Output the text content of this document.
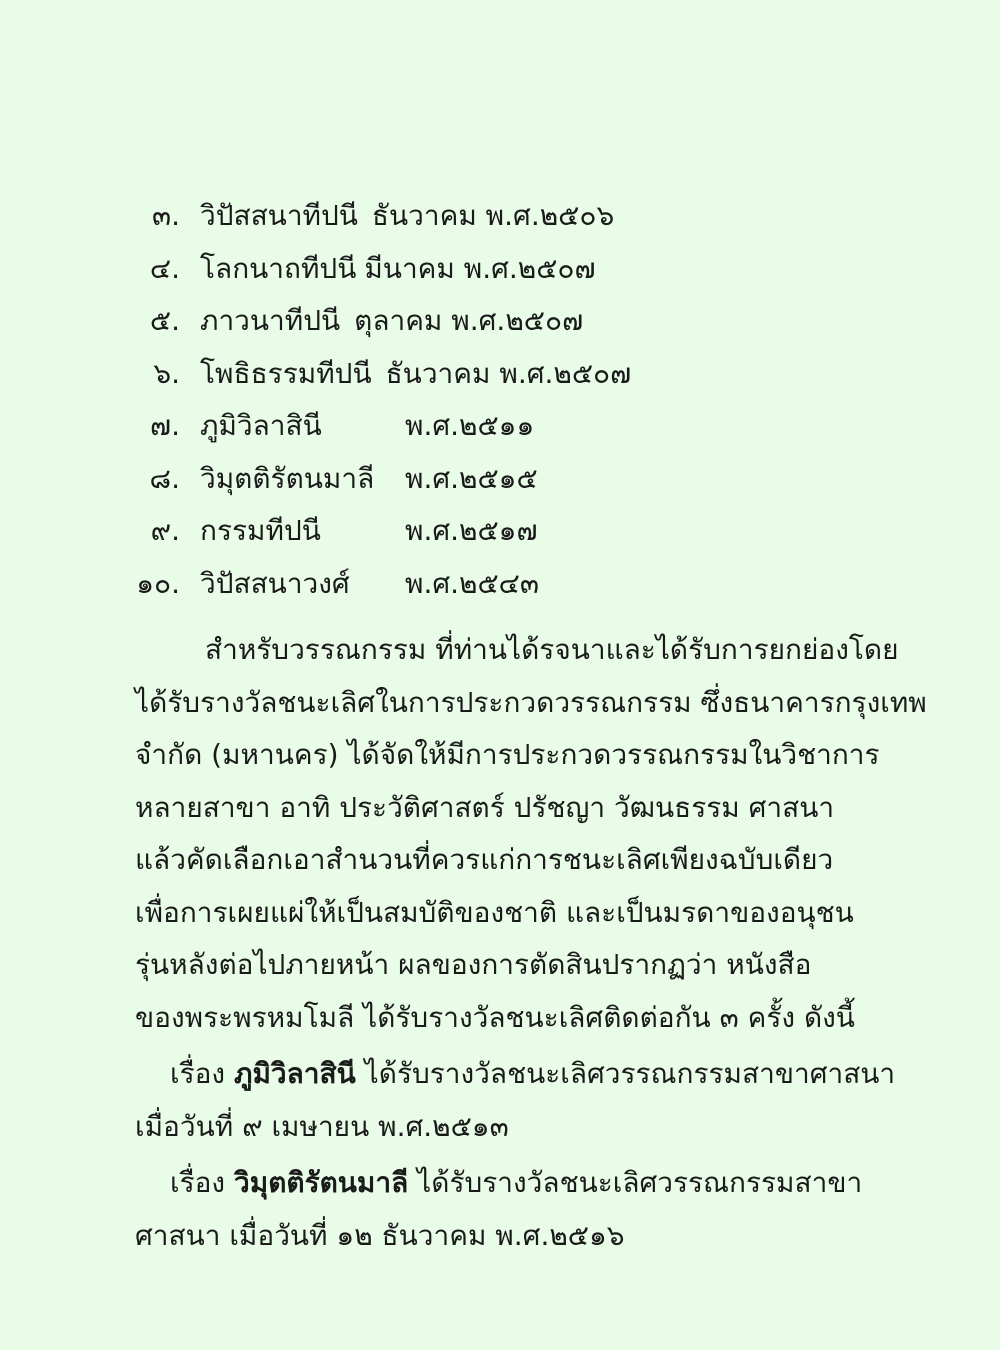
๓. วิปัสสนาทีปนี ธันวาคม พ.ศ.๒๕๐๖
๔. โลกนาถทีปนี มีนาคม พ.ศ.๒๕๐๗
๕. ภาวนาทีปนี ตุลาคม พ.ศ.๒๕๐๗
๖. โพธิธรรมทีปนี ธันวาคม พ.ศ.๒๕๐๗
๗. ภูมิวิลาสินี	พ.ศ.๒๕๑๑
๘. วิมุตติรัตนมาลี พ.ศ.๒๕๑๕
๙. กรรมทีปนี	พ.ศ.๒๕๑๗
๑๐. วิปัสสนาวงศ์ พ.ศ.๒๕๔๓
สำหรับวรรณกรรม ที่ท่านได้รจนาและได้รับการยกย่องโดย
ได้รับรางวัลชนะเลิศในการประกวดวรรณกรรม ซึ่งธนาคารกรุงเทพ
จำกัด (มหานคร) ได้จัดให้มีการประกวดวรรณกรรมในวิชาการ
หลายสาขา อาทิ ประวัติศาสตร์ ปรัชญา วัฒนธรรม ศาสนา
แล้วคัดเลือกเอาสำนวนที่ควรแก่การชนะเลิศเพียงฉบับเดียว
เพื่อการเผยแผ่ให้เป็นสมบัติของชาติ และเป็นมรดาของอนุชน
รุ่นหลังต่อไปภายหน้า ผลของการตัดสินปรากฏว่า หนังสือ
ของพระพรหมโมลี ได้รับรางวัลชนะเลิศติดต่อกัน ๓ ครั้ง ดังนี้
เรื่อง ภูมิวิลาสินี ได้รับรางวัลชนะเลิศวรรณกรรมสาขาศาสนา
เมื่อวันที่ ๙ เมษายน พ.ศ.๒๕๑๓
เรื่อง วิมุตติรัตนมาลี ได้รับรางวัลชนะเลิศวรรณกรรมสาขา
ศาสนา เมื่อวันที่ ๑๒ ธันวาคม พ.ศ.๒๕๑๖
